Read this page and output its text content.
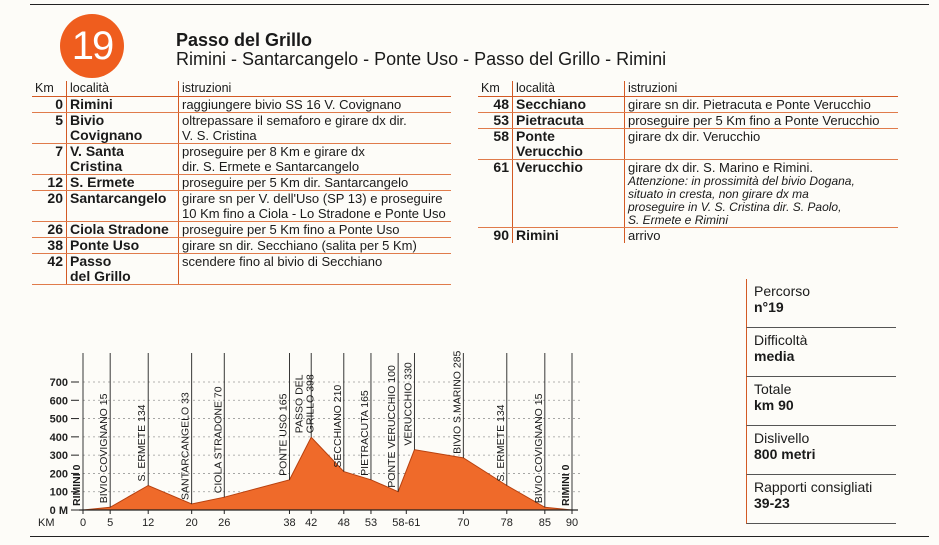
19	Passo del Grillo
Rimini - Santarcangelo - Ponte Uso - Passo del Grillo - Rimini
Km	località	istruzioni
0	Rimini	raggiungere bivio SS 16 V. Covignano
5	Bivio
Covignano	oltrepassare il semaforo e girare dx dir.
V. S. Cristina
7	V. Santa
Cristina	proseguire per 8 Km e girare dx
dir. S. Ermete e Santarcangelo
12	S. Ermete	proseguire per 5 Km dir. Santarcangelo
20	Santarcangelo	girare sn per V. dell'Uso (SP 13) e proseguire
10 Km fino a Ciola - Lo Stradone e Ponte Uso
26	Ciola Stradone	proseguire per 5 Km fino a Ponte Uso
38	Ponte Uso	girare sn dir. Secchiano (salita per 5 Km)
42	Passo
del Grillo	scendere fino al bivio di Secchiano
Km	località	istruzioni
48	Secchiano	girare sn dir. Pietracuta e Ponte Verucchio
53	Pietracuta	proseguire per 5 Km fino a Ponte Verucchio
58	Ponte
Verucchio	girare dx dir. Verucchio
61	Verucchio	girare dx dir. S. Marino e Rimini.
Attenzione: in prossimità del bivio Dogana,
situato in cresta, non girare dx ma
proseguire in V. S. Cristina dir. S. Paolo,
S. Ermete e Rimini

90	Rimini	arrivo
Percorso
n°19
Difficoltà
media
Totale
km 90
Dislivello
800 metri
Rapporti consigliati
39-23
0 M
100
200
300
400
500
600
700
RIMINI 0 BIVIO COVIGNANO 15 S. ERMETE 134	SANTARCANGELO 33 CIOLA STRADONE 70	PONTE USO 165 PASSO DEL GRILLO 398 SECCHIANO 210 PIETRACUTA 165 PONTE VERUCCHIO 100 VERUCCHIO 330	BIVIO S.MARINO 285	S. ERMETE 134 BIVIO COVIGNANO 15 RIMINI 0
KM 0 5	12	20 26	38 42 48 53 58-61	70	78 85 90
